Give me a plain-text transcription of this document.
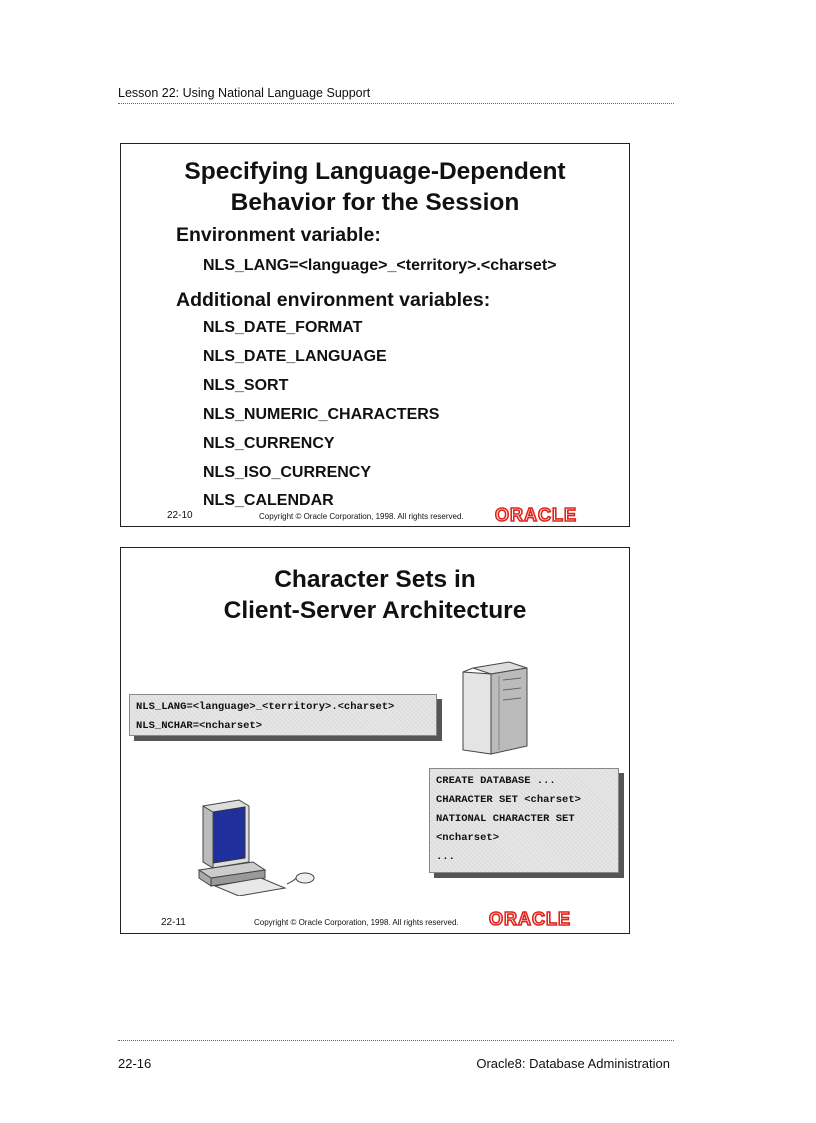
Lesson 22: Using National Language Support
Specifying Language-Dependent
Behavior for the Session
Environment variable:
NLS_LANG=<language>_<territory>.<charset>
Additional environment variables:
NLS_DATE_FORMAT
NLS_DATE_LANGUAGE
NLS_SORT
NLS_NUMERIC_CHARACTERS
NLS_CURRENCY
NLS_ISO_CURRENCY
NLS_CALENDAR
22-10	Copyright © Oracle Corporation, 1998. All rights reserved. ORACLE
Character Sets in
Client-Server Architecture
NLS_LANG=<language>_<territory>.<charset>
NLS_NCHAR=<ncharset>
CREATE DATABASE ...
CHARACTER SET <charset>
NATIONAL CHARACTER SET
<ncharset>
...
22-11	Copyright © Oracle Corporation, 1998. All rights reserved. ORACLE
22-16	Oracle8: Database Administration
